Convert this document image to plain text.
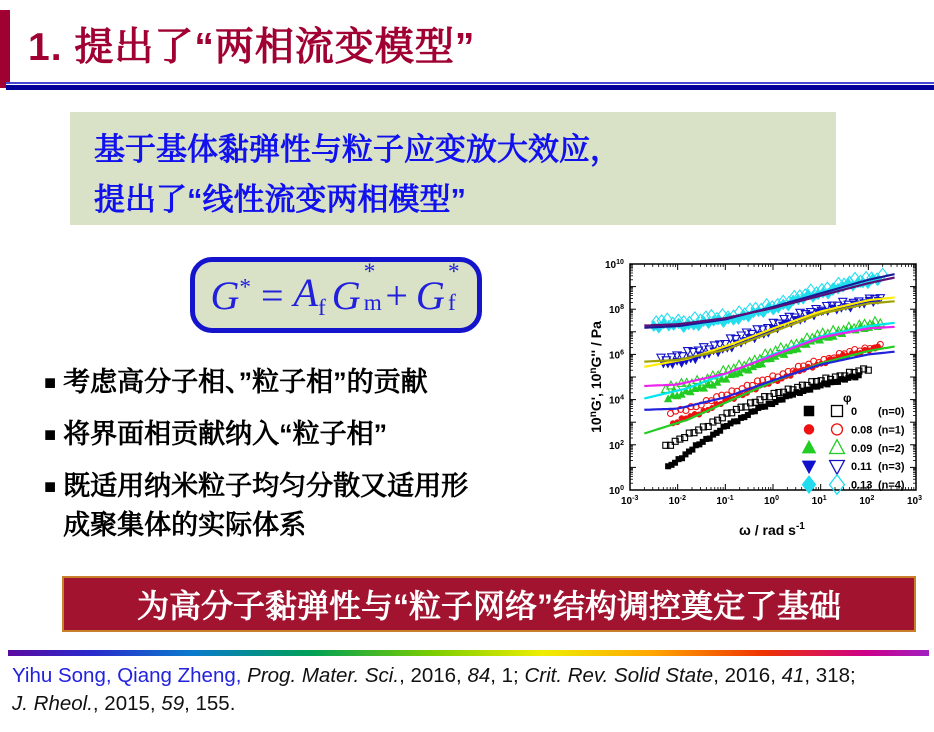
1. 提出了“两相流变模型”
基于基体黏弹性与粒子应变放大效应，
提出了“线性流变两相模型”
$G^* = A_f$ G
*
m + G
*
f
■ 考虑高分子相、”粒子相”的贡献
■ 将界面相贡献纳入“粒子相”
■ 既适用纳米粒子均匀分散又适用形
成聚集体的实际体系
$10^{-3}$	$10^{-2}$	$10^{-1}$	$10^0$	$10^1$	$10^2$	$10^3$
$10^0$
$10^2$
$10^4$
$10^6$
$10^8$
$10^{10}$
ω / rad $s^{-1}$
10$^n$G', 10$^n$G'' / Pa
φ
0 (n=0)
0.08 (n=1)
0.09 (n=2)
0.11 (n=3)
0.13 (n=4)
为高分子黏弹性与“粒子网络”结构调控奠定了基础
Yihu Song, Qiang Zheng, Prog. Mater. Sci., 2016, 84, 1; Crit. Rev. Solid State, 2016, 41, 318;
J. Rheol., 2015, 59, 155.
